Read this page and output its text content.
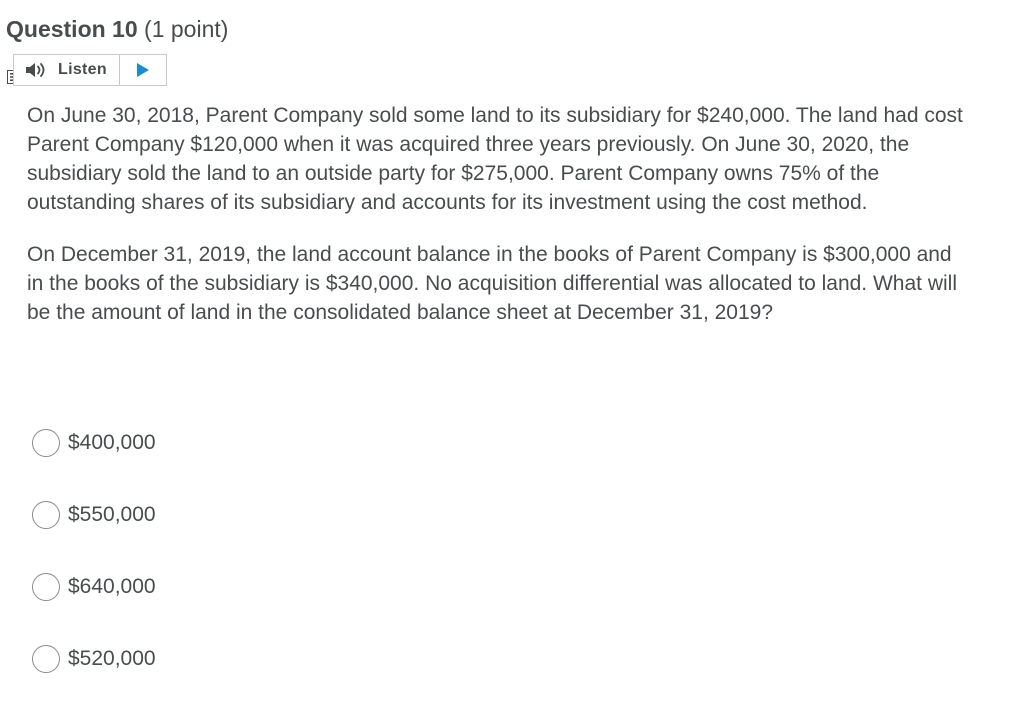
Question 10 (1 point)
Listen

On June 30, 2018, Parent Company sold some land to its subsidiary for $240,000. The land had cost Parent Company $120,000 when it was acquired three years previously. On June 30, 2020, the subsidiary sold the land to an outside party for $275,000. Parent Company owns 75% of the outstanding shares of its subsidiary and accounts for its investment using the cost method.

On December 31, 2019, the land account balance in the books of Parent Company is $300,000 and in the books of the subsidiary is $340,000. No acquisition differential was allocated to land. What will be the amount of land in the consolidated balance sheet at December 31, 2019?

$400,000
$550,000
$640,000
$520,000
